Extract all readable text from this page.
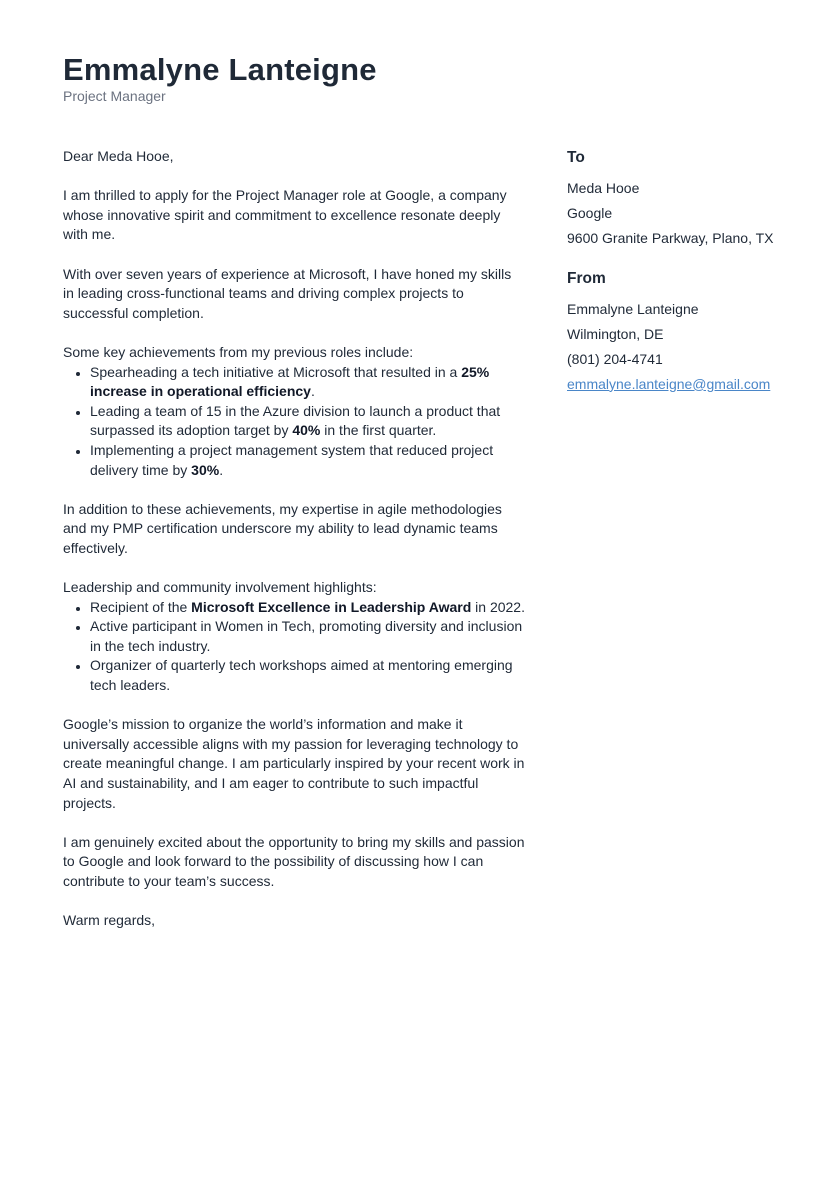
Emmalyne Lanteigne
Project Manager

Dear Meda Hooe,

I am thrilled to apply for the Project Manager role at Google, a company whose innovative spirit and commitment to excellence resonate deeply with me.

With over seven years of experience at Microsoft, I have honed my skills in leading cross-functional teams and driving complex projects to successful completion.

Some key achievements from my previous roles include:

• Spearheading a tech initiative at Microsoft that resulted in a 25% increase in operational efficiency.
• Leading a team of 15 in the Azure division to launch a product that surpassed its adoption target by 40% in the first quarter.
• Implementing a project management system that reduced project delivery time by 30%.

In addition to these achievements, my expertise in agile methodologies and my PMP certification underscore my ability to lead dynamic teams effectively.

Leadership and community involvement highlights:

• Recipient of the Microsoft Excellence in Leadership Award in 2022.
• Active participant in Women in Tech, promoting diversity and inclusion in the tech industry.
• Organizer of quarterly tech workshops aimed at mentoring emerging tech leaders.

Google’s mission to organize the world’s information and make it universally accessible aligns with my passion for leveraging technology to create meaningful change. I am particularly inspired by your recent work in AI and sustainability, and I am eager to contribute to such impactful projects.

I am genuinely excited about the opportunity to bring my skills and passion to Google and look forward to the possibility of discussing how I can contribute to your team’s success.

Warm regards,

To
Meda Hooe
Google
9600 Granite Parkway, Plano, TX
From
Emmalyne Lanteigne
Wilmington, DE
(801) 204-4741
emmalyne.lanteigne@gmail.com
